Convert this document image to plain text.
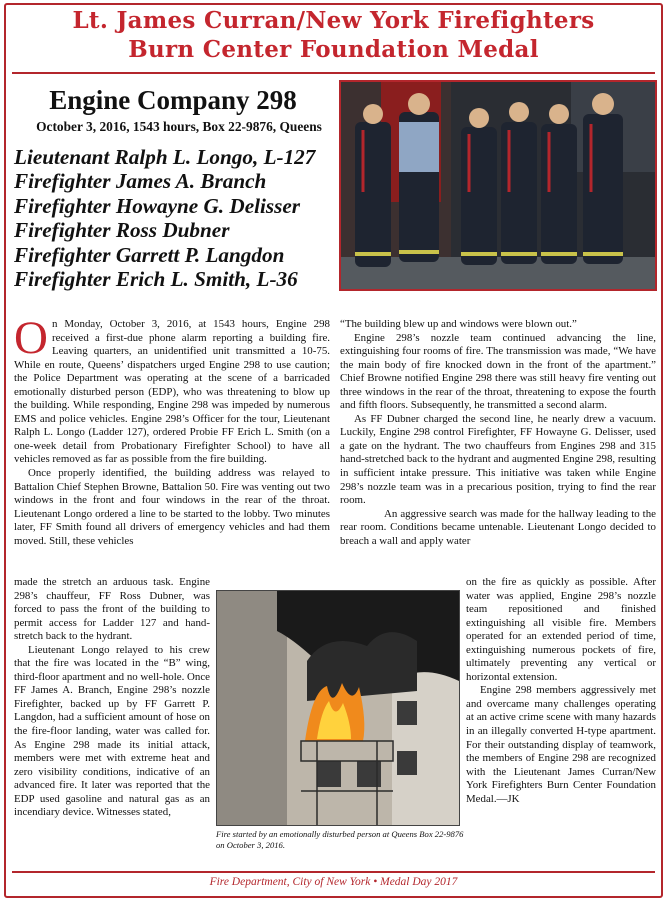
Lt. James Curran/New York Firefighters
Burn Center Foundation Medal
Engine Company 298
October 3, 2016, 1543 hours, Box 22-9876, Queens
Lieutenant Ralph L. Longo, L-127
Firefighter James A. Branch
Firefighter Howayne G. Delisser
Firefighter Ross Dubner
Firefighter Garrett P. Langdon
Firefighter Erich L. Smith, L-36

On Monday, October 3, 2016, at 1543 hours, Engine 298 received a first-due phone alarm reporting a building fire. Leaving quarters, an unidentified unit transmitted a 10-75. While en route, Queens’ dispatchers urged Engine 298 to use caution; the Police Department was operating at the scene of a barricaded emotionally disturbed person (EDP), who was threatening to blow up the building. While responding, Engine 298 was impeded by numerous EMS and police vehicles. Engine 298’s Officer for the tour, Lieutenant Ralph L. Longo (Ladder 127), ordered Probie FF Erich L. Smith (on a one-week detail from Probationary Firefighter School) to have all vehicles removed as far as possible from the fire building.

Once properly identified, the building address was relayed to Battalion Chief Stephen Browne, Battalion 50. Fire was venting out two windows in the front and four windows in the rear of the throat. Lieutenant Longo ordered a line to be started to the lobby. Two minutes later, FF Smith found all drivers of emergency vehicles and had them moved. Still, these vehicles

made the stretch an arduous task. Engine 298’s chauffeur, FF Ross Dubner, was forced to pass the front of the building to permit access for Ladder 127 and hand-stretch back to the hydrant.

Lieutenant Longo relayed to his crew that the fire was located in the “B” wing, third-floor apartment and no well-hole. Once FF James A. Branch, Engine 298’s nozzle Firefighter, backed up by FF Garrett P. Langdon, had a sufficient amount of hose on the fire-floor landing, water was called for. As Engine 298 made its initial attack, members were met with extreme heat and zero visibility conditions, indicative of an advanced fire. It later was reported that the EDP used gasoline and natural gas as an incendiary device. Witnesses stated,

Fire started by an emotionally disturbed person at Queens Box 22-9876 on October 3, 2016.

“The building blew up and windows were blown out.”

Engine 298’s nozzle team continued advancing the line, extinguishing four rooms of fire. The transmission was made, “We have the main body of fire knocked down in the front of the apartment.” Chief Browne notified Engine 298 there was still heavy fire venting out three windows in the rear of the throat, threatening to expose the fourth and fifth floors. Subsequently, he transmitted a second alarm.

As FF Dubner charged the second line, he nearly drew a vacuum. Luckily, Engine 298 control Firefighter, FF Howayne G. Delisser, used a gate on the hydrant. The two chauffeurs from Engines 298 and 315 hand-stretched back to the hydrant and augmented Engine 298, resulting in sufficient intake pressure. This initiative was taken while Engine 298’s nozzle team was in a precarious position, trying to find the rear room.

An aggressive search was made for the hallway leading to the rear room. Conditions became untenable. Lieutenant Longo decided to breach a wall and apply water

on the fire as quickly as possible. After water was applied, Engine 298’s nozzle team repositioned and finished extinguishing all visible fire. Members operated for an extended period of time, extinguishing numerous pockets of fire, ultimately preventing any vertical or horizontal extension.

Engine 298 members aggressively met and overcame many challenges operating at an active crime scene with many hazards in an illegally converted H-type apartment. For their outstanding display of teamwork, the members of Engine 298 are recognized with the Lieutenant James Curran/New York Firefighters Burn Center Foundation Medal.—JK

Fire Department, City of New York • Medal Day 2017
